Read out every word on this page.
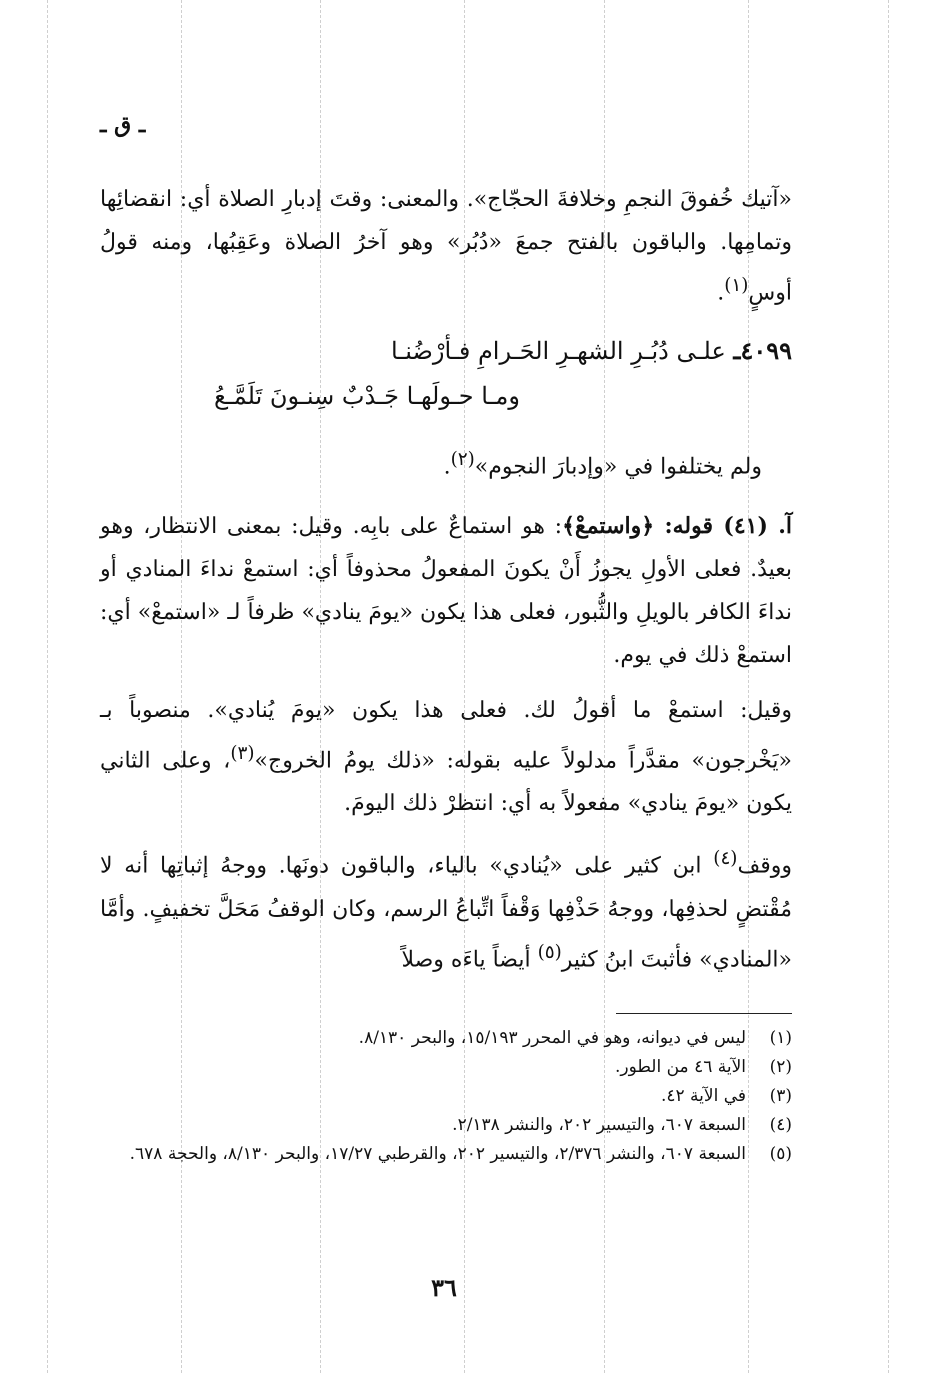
ـ ق ـ

«آتيك خُفوقَ النجمِ وخلافةَ الحجّاج». والمعنى: وقتَ إدبارِ الصلاة أي: انقضائِها وتمامِها. والباقون بالفتح جمعَ «دُبُر» وهو آخرُ الصلاة وعَقِبُها، ومنه قولُ أوسٍ$^{(١)}$.

٤٠٩٩ـ علـى دُبُـرِ الشهـرِ الحَـرامِ فـأرْضُنـا
ومـا حـولَهـا جَـدْبٌ سِنـونَ تَلَمَّـعُ

ولم يختلفوا في «وإدبارَ النجوم»$^{(٢)}$.

آ. (٤١) قوله: ﴿واستمعْ﴾: هو استماعٌ على بابِه. وقيل: بمعنى الانتظار، وهو بعيدٌ. فعلى الأولِ يجوزُ أَنْ يكونَ المفعولُ محذوفاً أي: استمعْ نداءَ المنادي أو نداءَ الكافر بالويلِ والثُّبور، فعلى هذا يكون «يومَ ينادي» ظرفاً لـ «استمعْ» أي: استمعْ ذلك في يوم.

وقيل: استمعْ ما أقولُ لك. فعلى هذا يكون «يومَ يُنادي». منصوباً بـ «يَخْرجون» مقدَّراً مدلولاً عليه بقوله: «ذلك يومُ الخروج»$^{(٣)}$، وعلى الثاني يكون «يومَ ينادي» مفعولاً به أي: انتظرْ ذلك اليومَ.

ووقف$^{(٤)}$ ابن كثير على «يُنادي» بالياء، والباقون دونَها. ووجهُ إثباتِها أنه لا مُقْتضٍ لحذفِها، ووجهُ حَذْفِها وَقْفاً اتِّباعُ الرسم، وكان الوقفُ مَحَلَّ تخفيفٍ. وأمَّا «المنادي» فأثبتَ ابنُ كثير$^{(٥)}$ أيضاً ياءَه وصلاً

(١)
ليس في ديوانه، وهو في المحرر ١٥/١٩٣، والبحر ٨/١٣٠.
(٢)
الآية ٤٦ من الطور.
(٣)
في الآية ٤٢.
(٤)
السبعة ٦٠٧، والتيسير ٢٠٢، والنشر ٢/١٣٨.
(٥)
السبعة ٦٠٧، والنشر ٢/٣٧٦، والتيسير ٢٠٢، والقرطبي ١٧/٢٧، والبحر ٨/١٣٠، والحجة ٦٧٨.
٣٦
